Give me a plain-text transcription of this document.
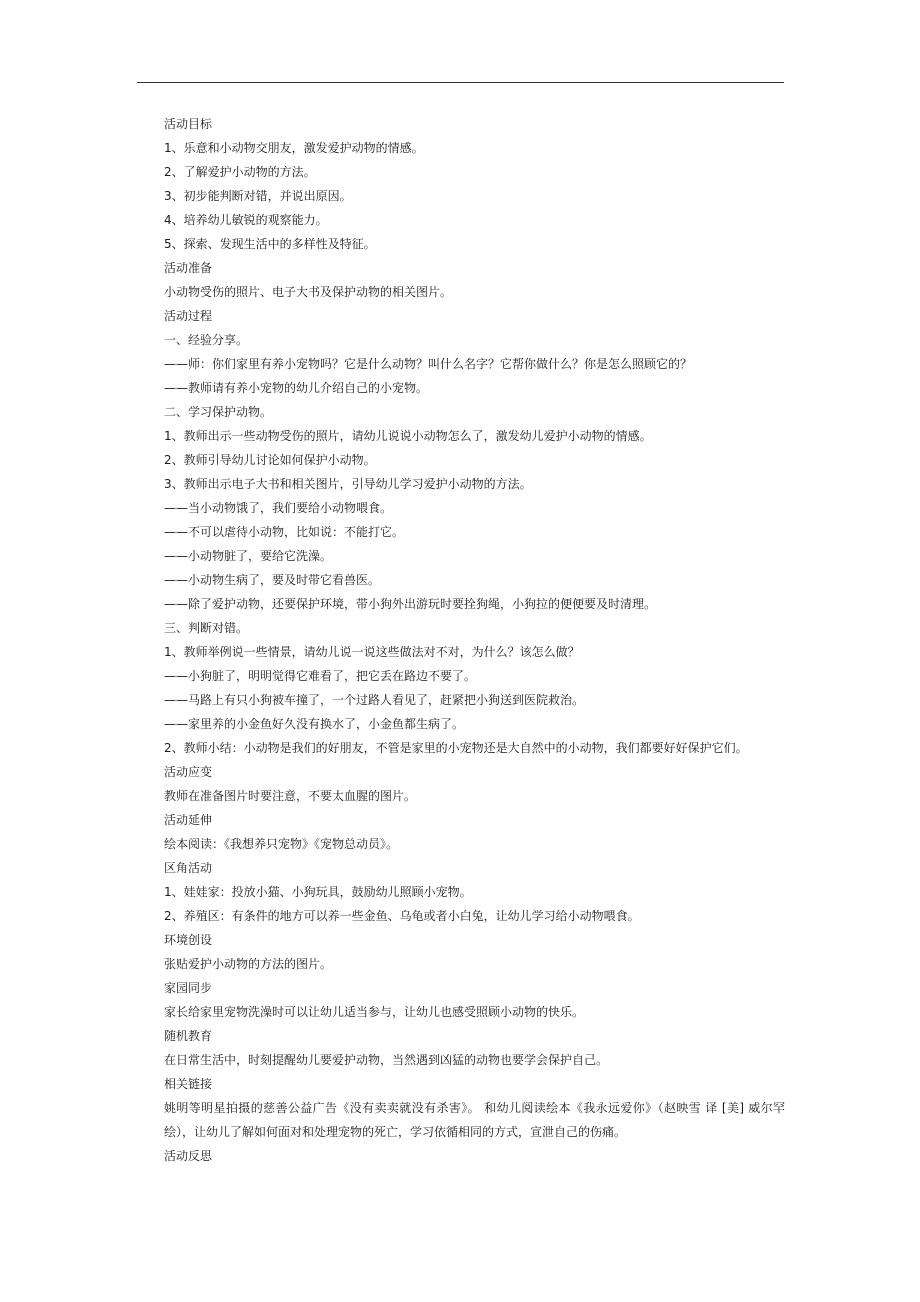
活动目标
1、乐意和小动物交朋友，激发爱护动物的情感。
2、了解爱护小动物的方法。
3、初步能判断对错，并说出原因。
4、培养幼儿敏锐的观察能力。
5、探索、发现生活中的多样性及特征。
活动准备
小动物受伤的照片、电子大书及保护动物的相关图片。
活动过程
一、经验分享。
——师：你们家里有养小宠物吗？它是什么动物？叫什么名字？它帮你做什么？你是怎么照顾它的？
——教师请有养小宠物的幼儿介绍自己的小宠物。
二、学习保护动物。
1、教师出示一些动物受伤的照片，请幼儿说说小动物怎么了，激发幼儿爱护小动物的情感。
2、教师引导幼儿讨论如何保护小动物。
3、教师出示电子大书和相关图片，引导幼儿学习爱护小动物的方法。
——当小动物饿了，我们要给小动物喂食。
——不可以虐待小动物，比如说：不能打它。
——小动物脏了，要给它洗澡。
——小动物生病了，要及时带它看兽医。
——除了爱护动物，还要保护环境，带小狗外出游玩时要拴狗绳，小狗拉的便便要及时清理。
三、判断对错。
1、教师举例说一些情景，请幼儿说一说这些做法对不对，为什么？该怎么做？
——小狗脏了，明明觉得它难看了，把它丢在路边不要了。
——马路上有只小狗被车撞了，一个过路人看见了，赶紧把小狗送到医院救治。
——家里养的小金鱼好久没有换水了，小金鱼都生病了。
2、教师小结：小动物是我们的好朋友，不管是家里的小宠物还是大自然中的小动物，我们都要好好保护它们。
活动应变
教师在准备图片时要注意，不要太血腥的图片。
活动延伸
绘本阅读：《我想养只宠物》《宠物总动员》。
区角活动
1、娃娃家：投放小猫、小狗玩具，鼓励幼儿照顾小宠物。
2、养殖区：有条件的地方可以养一些金鱼、乌龟或者小白兔，让幼儿学习给小动物喂食。
环境创设
张贴爱护小动物的方法的图片。
家园同步
家长给家里宠物洗澡时可以让幼儿适当参与，让幼儿也感受照顾小动物的快乐。
随机教育
在日常生活中，时刻提醒幼儿要爱护动物，当然遇到凶猛的动物也要学会保护自己。
相关链接
姚明等明星拍摄的慈善公益广告《没有卖卖就没有杀害》。 和幼儿阅读绘本《我永远爱你》（赵映雪 译 [美] 威尔罕 绘），让幼儿了解如何面对和处理宠物的死亡，学习依循相同的方式，宣泄自己的伤痛。
活动反思
